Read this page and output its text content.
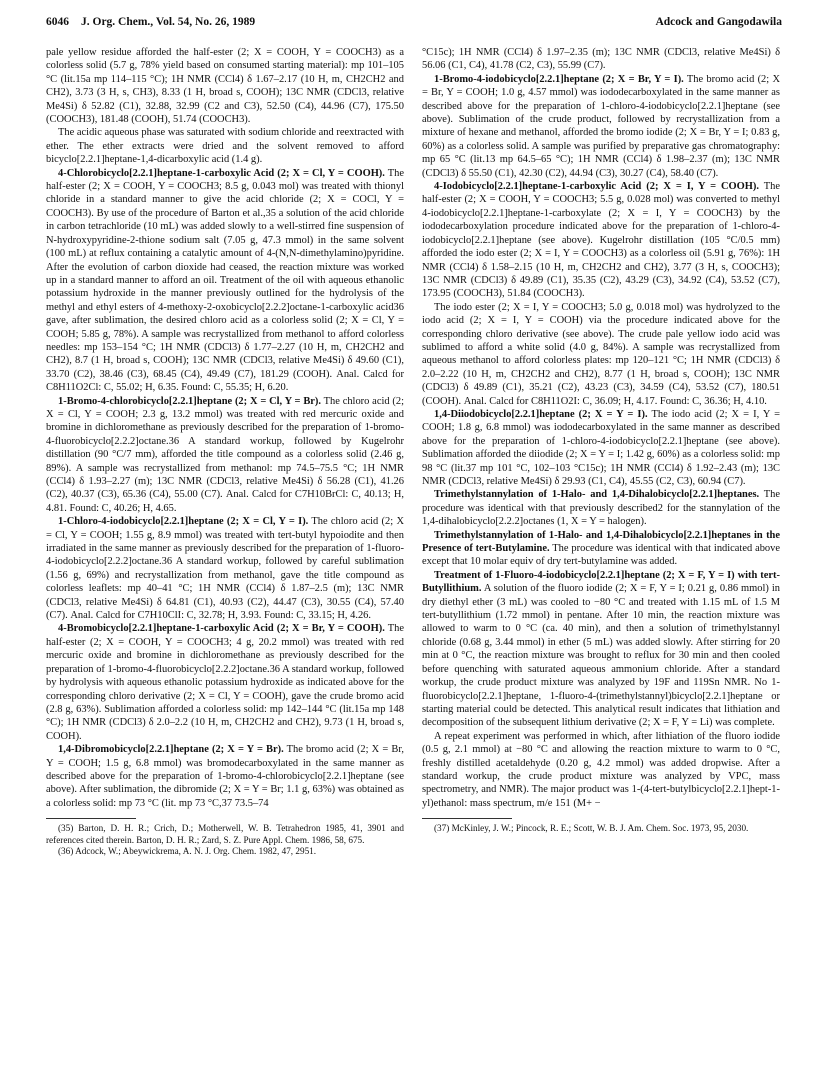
6046 J. Org. Chem., Vol. 54, No. 26, 1989	Adcock and Gangodawila

pale yellow residue afforded the half-ester (2; X = COOH, Y = COOCH3) as a colorless solid (5.7 g, 78% yield based on consumed starting material): mp 101–105 °C (lit.15a mp 114–115 °C); 1H NMR (CCl4) δ 1.67–2.17 (10 H, m, CH2CH2 and CH2), 3.73 (3 H, s, CH3), 8.33 (1 H, broad s, COOH); 13C NMR (CDCl3, relative Me4Si) δ 52.82 (C1), 32.88, 32.99 (C2 and C3), 52.50 (C4), 44.96 (C7), 175.50 (COOCH3), 181.48 (COOH), 51.74 (COOCH3).

The acidic aqueous phase was saturated with sodium chloride and reextracted with ether. The ether extracts were dried and the solvent removed to afford bicyclo[2.2.1]heptane-1,4-dicarboxylic acid (1.4 g).

4-Chlorobicyclo[2.2.1]heptane-1-carboxylic Acid (2; X = Cl, Y = COOH). The half-ester (2; X = COOH, Y = COOCH3; 8.5 g, 0.043 mol) was treated with thionyl chloride in a standard manner to give the acid chloride (2; X = COCl, Y = COOCH3). By use of the procedure of Barton et al.,35 a solution of the acid chloride in carbon tetrachloride (10 mL) was added slowly to a well-stirred fine suspension of N-hydroxypyridine-2-thione sodium salt (7.05 g, 47.3 mmol) in the same solvent (100 mL) at reflux containing a catalytic amount of 4-(N,N-dimethylamino)pyridine. After the evolution of carbon dioxide had ceased, the reaction mixture was worked up in a standard manner to afford an oil. Treatment of the oil with aqueous ethanolic potassium hydroxide in the manner previously outlined for the hydrolysis of the methyl and ethyl esters of 4-methoxy-2-oxobicyclo[2.2.2]octane-1-carboxylic acid36 gave, after sublimation, the desired chloro acid as a colorless solid (2; X = Cl, Y = COOH; 5.85 g, 78%). A sample was recrystallized from methanol to afford colorless needles: mp 153–154 °C; 1H NMR (CDCl3) δ 1.77–2.27 (10 H, m, CH2CH2 and CH2), 8.7 (1 H, broad s, COOH); 13C NMR (CDCl3, relative Me4Si) δ 49.60 (C1), 33.70 (C2), 38.46 (C3), 68.45 (C4), 49.49 (C7), 181.29 (COOH). Anal. Calcd for C8H11O2Cl: C, 55.02; H, 6.35. Found: C, 55.35; H, 6.20.

1-Bromo-4-chlorobicyclo[2.2.1]heptane (2; X = Cl, Y = Br). The chloro acid (2; X = Cl, Y = COOH; 2.3 g, 13.2 mmol) was treated with red mercuric oxide and bromine in dichloromethane as previously described for the preparation of 1-bromo-4-fluorobicyclo[2.2.2]octane.36 A standard workup, followed by Kugelrohr distillation (90 °C/7 mm), afforded the title compound as a colorless solid (2.46 g, 89%). A sample was recrystallized from methanol: mp 74.5–75.5 °C; 1H NMR (CCl4) δ 1.93–2.27 (m); 13C NMR (CDCl3, relative Me4Si) δ 56.28 (C1), 41.26 (C2), 40.37 (C3), 65.36 (C4), 55.00 (C7). Anal. Calcd for C7H10BrCl: C, 40.13; H, 4.81. Found: C, 40.26; H, 4.65.

1-Chloro-4-iodobicyclo[2.2.1]heptane (2; X = Cl, Y = I). The chloro acid (2; X = Cl, Y = COOH; 1.55 g, 8.9 mmol) was treated with tert-butyl hypoiodite and then irradiated in the same manner as previously described for the preparation of 1-fluoro-4-iodobicyclo[2.2.2]octane.36 A standard workup, followed by careful sublimation (1.56 g, 69%) and recrystallization from methanol, gave the title compound as colorless leaflets: mp 40–41 °C; 1H NMR (CCl4) δ 1.87–2.5 (m); 13C NMR (CDCl3, relative Me4Si) δ 64.81 (C1), 40.93 (C2), 44.47 (C3), 30.55 (C4), 57.40 (C7). Anal. Calcd for C7H10ClI: C, 32.78; H, 3.93. Found: C, 33.15; H, 4.26.

4-Bromobicyclo[2.2.1]heptane-1-carboxylic Acid (2; X = Br, Y = COOH). The half-ester (2; X = COOH, Y = COOCH3; 4 g, 20.2 mmol) was treated with red mercuric oxide and bromine in dichloromethane as previously described for the preparation of 1-bromo-4-fluorobicyclo[2.2.2]octane.36 A standard workup, followed by hydrolysis with aqueous ethanolic potassium hydroxide as indicated above for the corresponding chloro derivative (2; X = Cl, Y = COOH), gave the crude bromo acid (2.8 g, 63%). Sublimation afforded a colorless solid: mp 142–144 °C (lit.15a mp 148 °C); 1H NMR (CDCl3) δ 2.0–2.2 (10 H, m, CH2CH2 and CH2), 9.73 (1 H, broad s, COOH).

1,4-Dibromobicyclo[2.2.1]heptane (2; X = Y = Br). The bromo acid (2; X = Br, Y = COOH; 1.5 g, 6.8 mmol) was bromodecarboxylated in the same manner as described above for the preparation of 1-bromo-4-chlorobicyclo[2.2.1]heptane (see above). After sublimation, the dibromide (2; X = Y = Br; 1.1 g, 63%) was obtained as a colorless solid: mp 73 °C (lit. mp 73 °C,37 73.5–74

(35) Barton, D. H. R.; Crich, D.; Motherwell, W. B. Tetrahedron 1985, 41, 3901 and references cited therein. Barton, D. H. R.; Zard, S. Z. Pure Appl. Chem. 1986, 58, 675.

(36) Adcock, W.; Abeywickrema, A. N. J. Org. Chem. 1982, 47, 2951.

°C15c); 1H NMR (CCl4) δ 1.97–2.35 (m); 13C NMR (CDCl3, relative Me4Si) δ 56.06 (C1, C4), 41.78 (C2, C3), 55.99 (C7).

1-Bromo-4-iodobicyclo[2.2.1]heptane (2; X = Br, Y = I). The bromo acid (2; X = Br, Y = COOH; 1.0 g, 4.57 mmol) was iododecarboxylated in the same manner as described above for the preparation of 1-chloro-4-iodobicyclo[2.2.1]heptane (see above). Sublimation of the crude product, followed by recrystallization from a mixture of hexane and methanol, afforded the bromo iodide (2; X = Br, Y = I; 0.83 g, 60%) as a colorless solid. A sample was purified by preparative gas chromatography: mp 65 °C (lit.13 mp 64.5–65 °C); 1H NMR (CCl4) δ 1.98–2.37 (m); 13C NMR (CDCl3) δ 55.50 (C1), 42.30 (C2), 44.94 (C3), 30.27 (C4), 58.40 (C7).

4-Iodobicyclo[2.2.1]heptane-1-carboxylic Acid (2; X = I, Y = COOH). The half-ester (2; X = COOH, Y = COOCH3; 5.5 g, 0.028 mol) was converted to methyl 4-iodobicyclo[2.2.1]heptane-1-carboxylate (2; X = I, Y = COOCH3) by the iododecarboxylation procedure indicated above for the preparation of 1-chloro-4-iodobicyclo[2.2.1]heptane (see above). Kugelrohr distillation (105 °C/0.5 mm) afforded the iodo ester (2; X = I, Y = COOCH3) as a colorless oil (5.91 g, 76%): 1H NMR (CCl4) δ 1.58–2.15 (10 H, m, CH2CH2 and CH2), 3.77 (3 H, s, COOCH3); 13C NMR (CDCl3) δ 49.89 (C1), 35.35 (C2), 43.29 (C3), 34.92 (C4), 53.52 (C7), 173.95 (COOCH3), 51.84 (COOCH3).

The iodo ester (2; X = I, Y = COOCH3; 5.0 g, 0.018 mol) was hydrolyzed to the iodo acid (2; X = I, Y = COOH) via the procedure indicated above for the corresponding chloro derivative (see above). The crude pale yellow iodo acid was sublimed to afford a white solid (4.0 g, 84%). A sample was recrystallized from aqueous methanol to afford colorless plates: mp 120–121 °C; 1H NMR (CDCl3) δ 2.0–2.22 (10 H, m, CH2CH2 and CH2), 8.77 (1 H, broad s, COOH); 13C NMR (CDCl3) δ 49.89 (C1), 35.21 (C2), 43.23 (C3), 34.59 (C4), 53.52 (C7), 180.51 (COOH). Anal. Calcd for C8H11O2I: C, 36.09; H, 4.17. Found: C, 36.36; H, 4.10.

1,4-Diiodobicyclo[2.2.1]heptane (2; X = Y = I). The iodo acid (2; X = I, Y = COOH; 1.8 g, 6.8 mmol) was iododecarboxylated in the same manner as described above for the preparation of 1-chloro-4-iodobicyclo[2.2.1]heptane (see above). Sublimation afforded the diiodide (2; X = Y = I; 1.42 g, 60%) as a colorless solid: mp 98 °C (lit.37 mp 101 °C, 102–103 °C15c); 1H NMR (CCl4) δ 1.92–2.43 (m); 13C NMR (CDCl3, relative Me4Si) δ 29.93 (C1, C4), 45.55 (C2, C3), 60.94 (C7).

Trimethylstannylation of 1-Halo- and 1,4-Dihalobicyclo[2.2.1]heptanes. The procedure was identical with that previously described2 for the stannylation of the 1,4-dihalobicyclo[2.2.2]octanes (1, X = Y = halogen).

Trimethylstannylation of 1-Halo- and 1,4-Dihalobicyclo[2.2.1]heptanes in the Presence of tert-Butylamine. The procedure was identical with that indicated above except that 10 molar equiv of dry tert-butylamine was added.

Treatment of 1-Fluoro-4-iodobicyclo[2.2.1]heptane (2; X = F, Y = I) with tert-Butyllithium. A solution of the fluoro iodide (2; X = F, Y = I; 0.21 g, 0.86 mmol) in dry diethyl ether (3 mL) was cooled to −80 °C and treated with 1.15 mL of 1.5 M tert-butyllithium (1.72 mmol) in pentane. After 10 min, the reaction mixture was allowed to warm to 0 °C (ca. 40 min), and then a solution of trimethylstannyl chloride (0.68 g, 3.44 mmol) in ether (5 mL) was added slowly. After stirring for 20 min at 0 °C, the reaction mixture was brought to reflux for 30 min and then cooled before quenching with saturated aqueous ammonium chloride. After a standard workup, the crude product mixture was analyzed by 19F and 119Sn NMR. No 1-fluorobicyclo[2.2.1]heptane, 1-fluoro-4-(trimethylstannyl)bicyclo[2.2.1]heptane or starting material could be detected. This analytical result indicates that lithiation and decomposition of the subsequent lithium derivative (2; X = F, Y = Li) was complete.

A repeat experiment was performed in which, after lithiation of the fluoro iodide (0.5 g, 2.1 mmol) at −80 °C and allowing the reaction mixture to warm to 0 °C, freshly distilled acetaldehyde (0.20 g, 4.2 mmol) was added dropwise. After a standard workup, the crude product mixture was analyzed by VPC, mass spectrometry, and NMR). The major product was 1-(4-tert-butylbicyclo[2.2.1]hept-1-yl)ethanol: mass spectrum, m/e 151 (M+ −

(37) McKinley, J. W.; Pincock, R. E.; Scott, W. B. J. Am. Chem. Soc. 1973, 95, 2030.
